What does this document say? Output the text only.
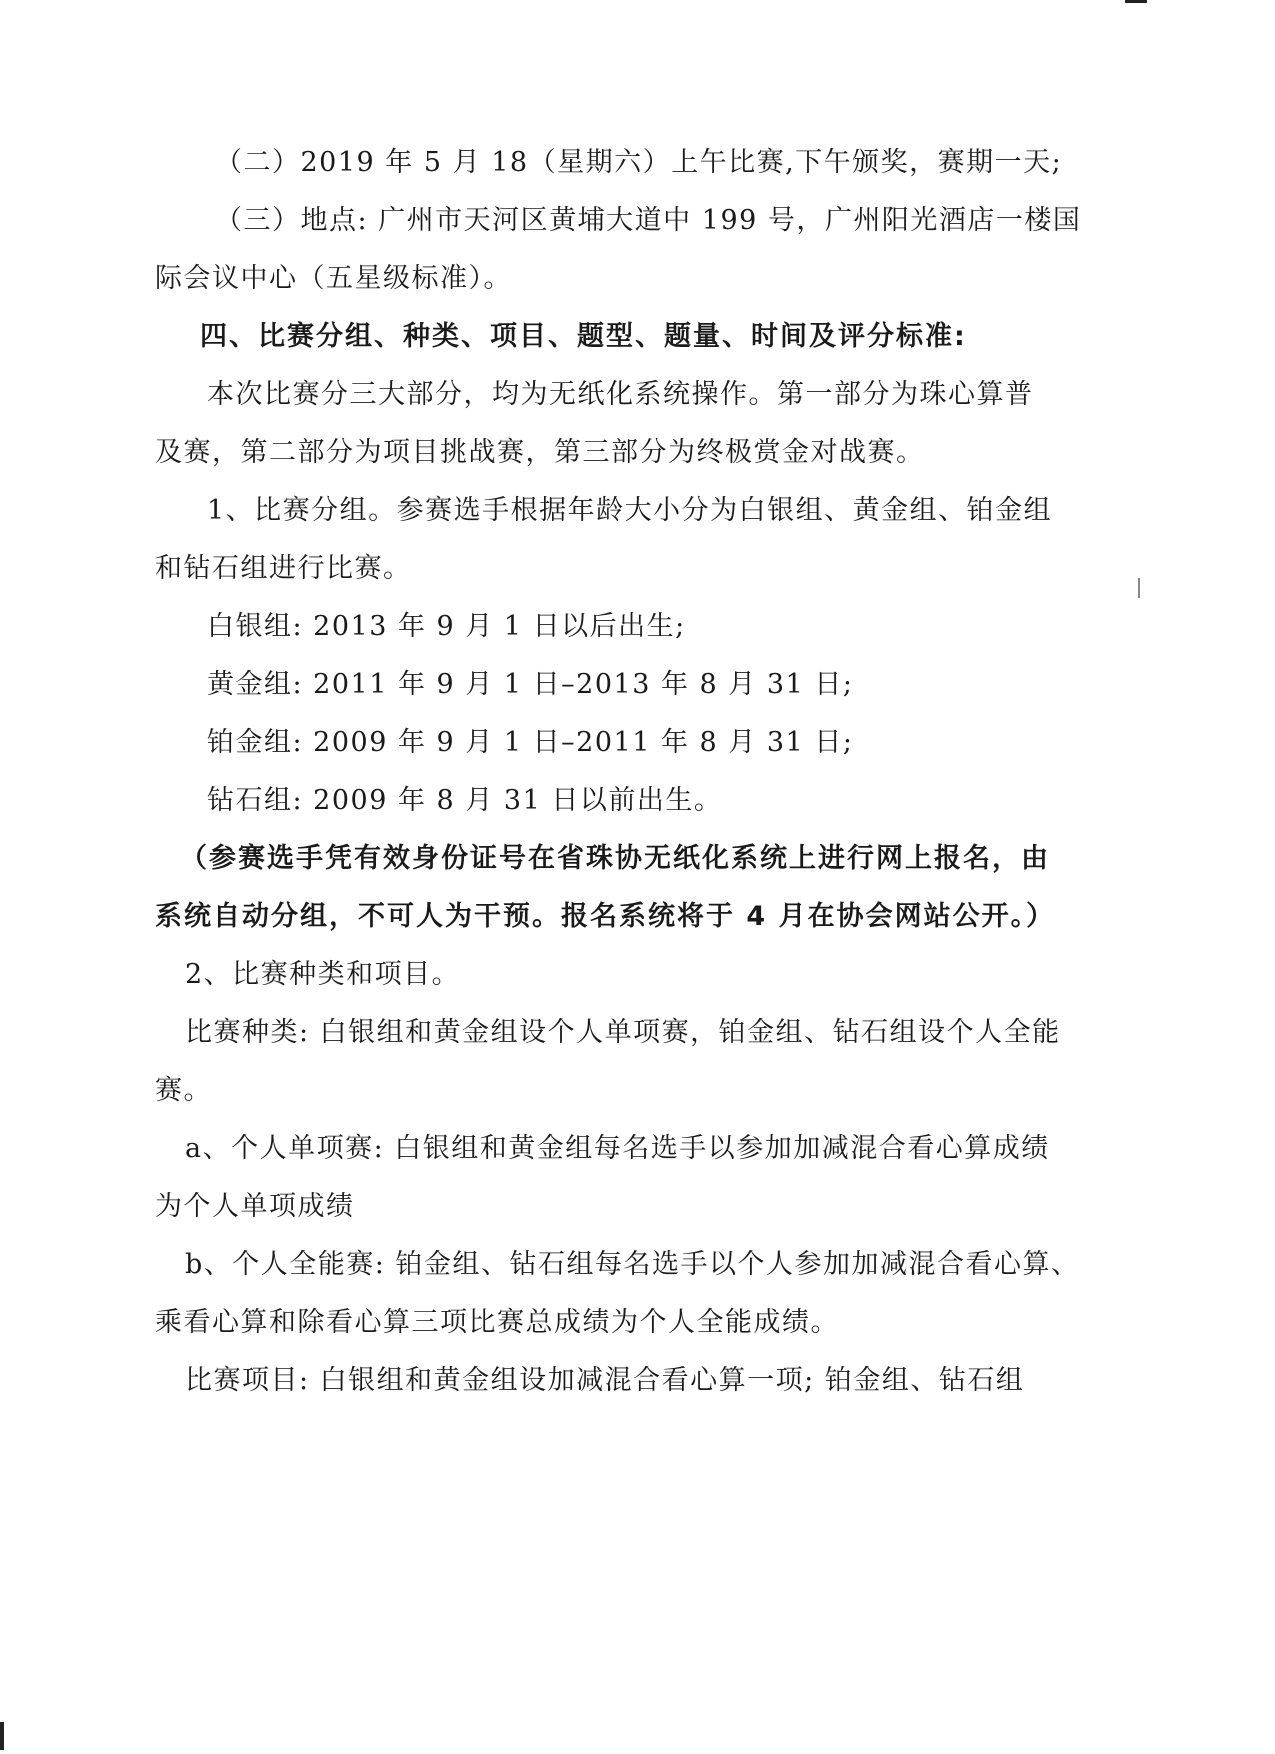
（二）2019 年 5 月 18（星期六）上午比赛,下午颁奖，赛期一天;
（三）地点: 广州市天河区黄埔大道中 199 号，广州阳光酒店一楼国
际会议中心（五星级标准）。
四、比赛分组、种类、项目、题型、题量、时间及评分标准:
本次比赛分三大部分，均为无纸化系统操作。第一部分为珠心算普
及赛，第二部分为项目挑战赛，第三部分为终极赏金对战赛。
1、比赛分组。参赛选手根据年龄大小分为白银组、黄金组、铂金组
和钻石组进行比赛。
白银组: 2013 年 9 月 1 日以后出生;
黄金组: 2011 年 9 月 1 日–2013 年 8 月 31 日;
铂金组: 2009 年 9 月 1 日–2011 年 8 月 31 日;
钻石组: 2009 年 8 月 31 日以前出生。
（参赛选手凭有效身份证号在省珠协无纸化系统上进行网上报名，由
系统自动分组，不可人为干预。报名系统将于 4 月在协会网站公开。）
2、比赛种类和项目。
比赛种类: 白银组和黄金组设个人单项赛，铂金组、钻石组设个人全能
赛。
a、个人单项赛: 白银组和黄金组每名选手以参加加减混合看心算成绩
为个人单项成绩
b、个人全能赛: 铂金组、钻石组每名选手以个人参加加减混合看心算、
乘看心算和除看心算三项比赛总成绩为个人全能成绩。
比赛项目: 白银组和黄金组设加减混合看心算一项; 铂金组、钻石组
